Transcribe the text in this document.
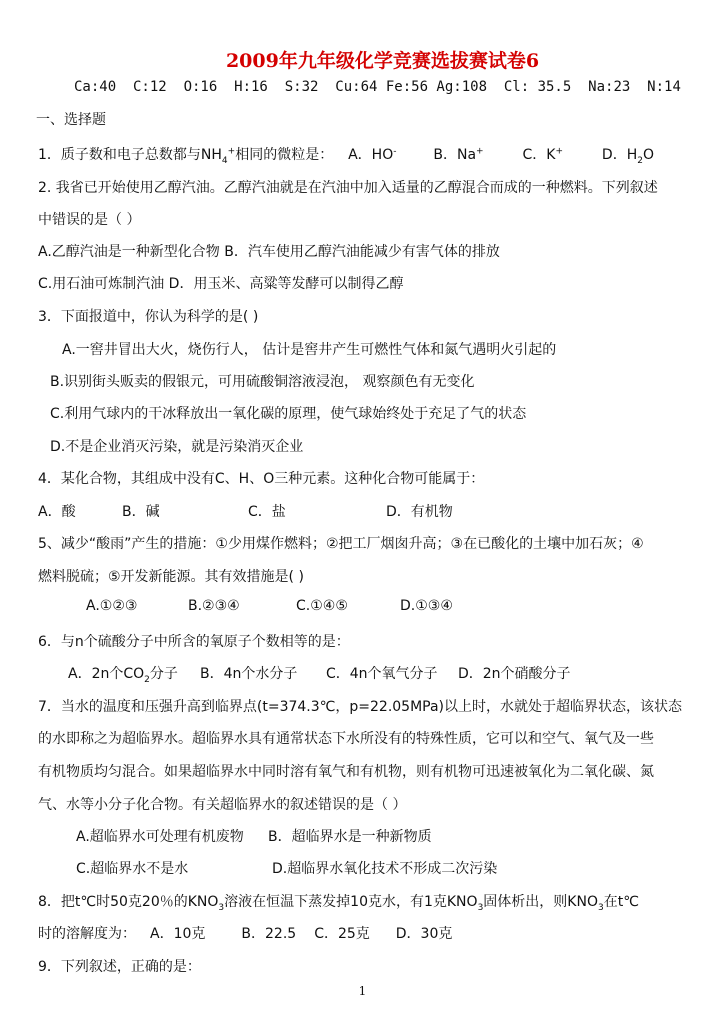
2009年九年级化学竞赛选拔赛试卷6
Ca:40  C:12  O:16  H:16  S:32  Cu:64 Fe:56 Ag:108  Cl: 35.5  Na:23  N:14
一、选择题
1．质子数和电子总数都与$NH_4^+$相同的微粒是： A．HO-	B．Na+	C．K+	D．$H_2O$
2. 我省已开始使用乙醇汽油。乙醇汽油就是在汽油中加入适量的乙醇混合而成的一种燃料。下列叙述
中错误的是（ ）
A.乙醇汽油是一种新型化合物 B．汽车使用乙醇汽油能减少有害气体的排放
C.用石油可炼制汽油 D．用玉米、高粱等发酵可以制得乙醇
3．下面报道中，你认为科学的是( )
A.一窖井冒出大火，烧伤行人， 估计是窖井产生可燃性气体和氮气遇明火引起的
B.识别街头贩卖的假银元，可用硫酸铜溶液浸泡， 观察颜色有无变化
C.利用气球内的干冰释放出一氧化碳的原理，使气球始终处于充足了气的状态
D.不是企业消灭污染，就是污染消灭企业
4．某化合物，其组成中没有C、H、O三种元素。这种化合物可能属于：
A．酸	B．碱	C．盐	D．有机物
5、减少“酸雨”产生的措施：①少用煤作燃料；②把工厂烟囱升高；③在已酸化的土壤中加石灰；④
燃料脱硫；⑤开发新能源。其有效措施是( )
A.①②③	B.②③④	C.①④⑤	D.①③④
6．与n个硫酸分子中所含的氧原子个数相等的是：
A．2n个$CO_2$分子 B．4n个水分子 C．4n个氧气分子 D．2n个硝酸分子
7．当水的温度和压强升高到临界点(t=374.3℃，p=22.05MPa)以上时，水就处于超临界状态，该状态
的水即称之为超临界水。超临界水具有通常状态下水所没有的特殊性质，它可以和空气、氧气及一些
有机物质均匀混合。如果超临界水中同时溶有氧气和有机物，则有机物可迅速被氧化为二氧化碳、氮
气、水等小分子化合物。有关超临界水的叙述错误的是（ ）
A.超临界水可处理有机废物 B．超临界水是一种新物质
C.超临界水不是水	D.超临界水氧化技术不形成二次污染
8．把t℃时50克20％的$KNO_3$溶液在恒温下蒸发掉10克水，有1克$KNO_3$固体析出，则$KNO_3$在t℃
时的溶解度为： A．10克	B．22.5 C．25克 D．30克
9．下列叙述，正确的是：
1
